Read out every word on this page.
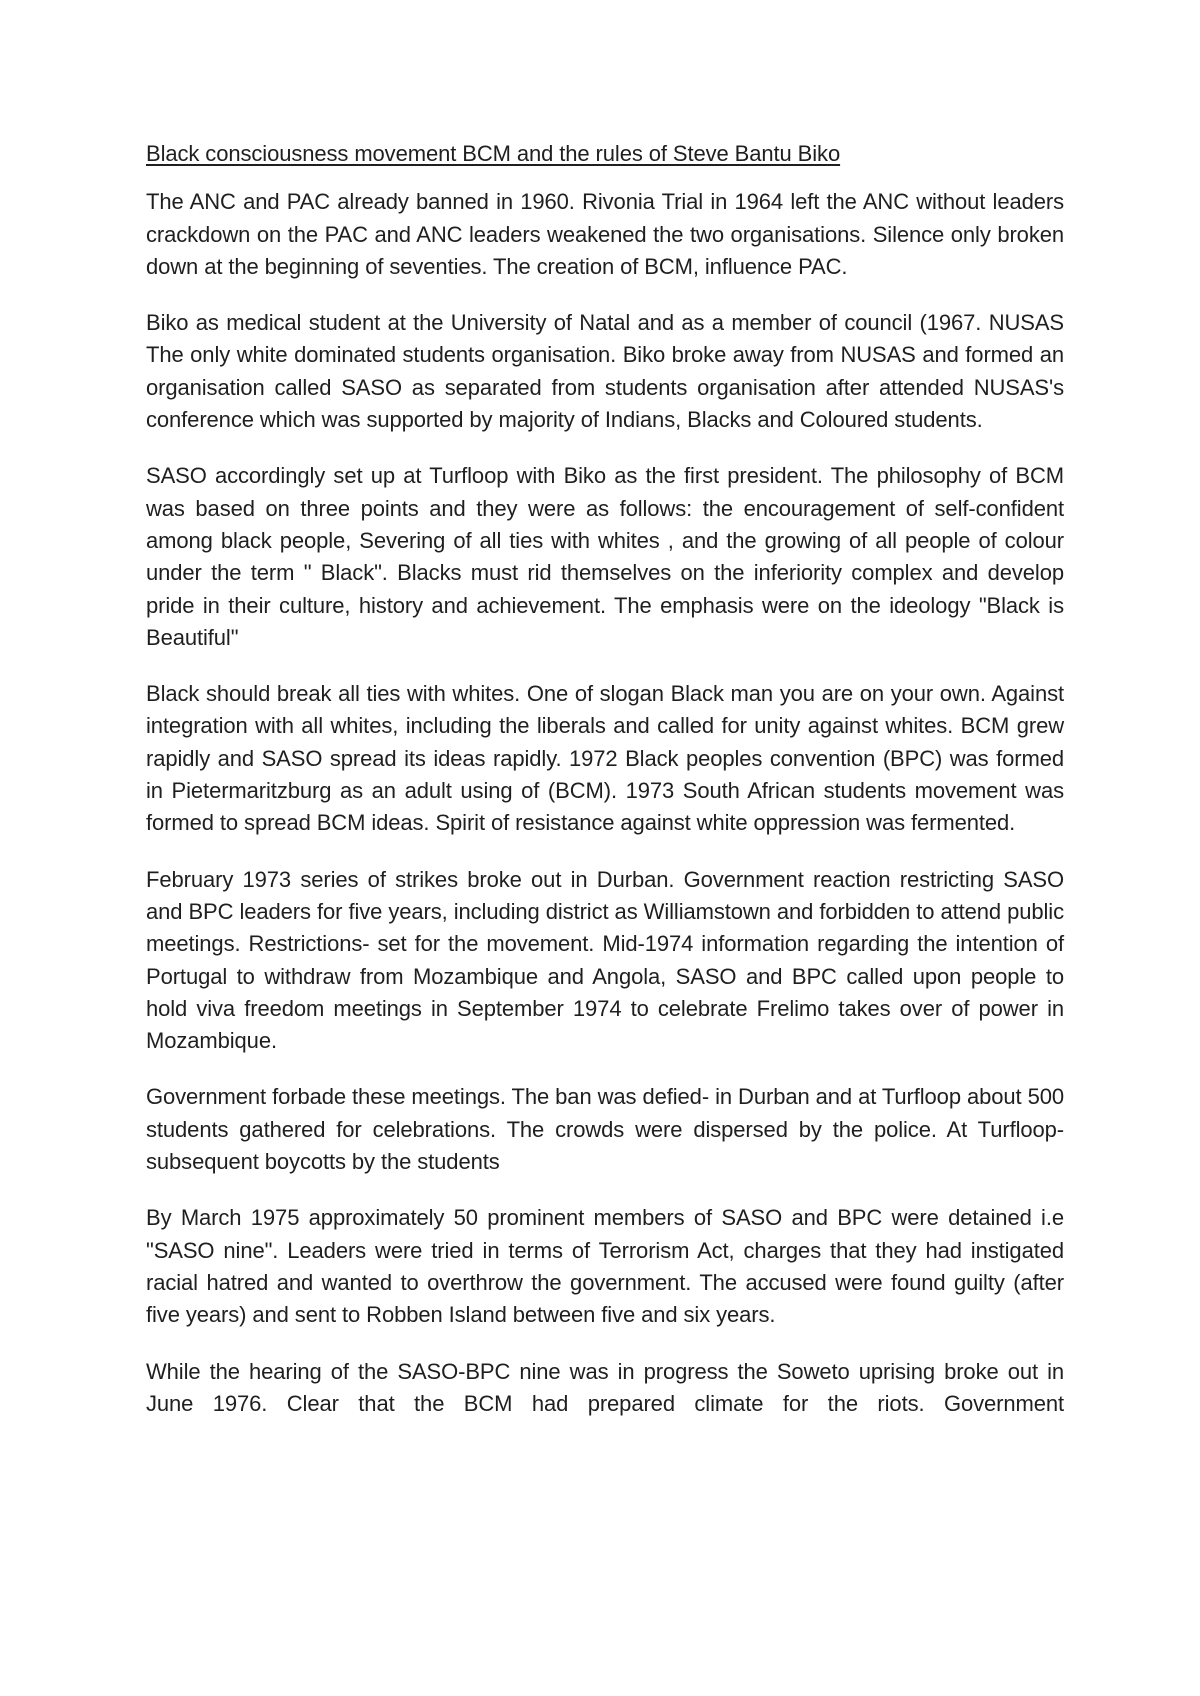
Black consciousness movement BCM and the rules of Steve Bantu Biko

The ANC and PAC already banned in 1960. Rivonia Trial in 1964 left the ANC without leaders crackdown on the PAC and ANC leaders weakened the two organisations. Silence only broken down at the beginning of seventies. The creation of BCM, influence PAC.

Biko as medical student at the University of Natal and as a member of council (1967. NUSAS The only white dominated students organisation. Biko broke away from NUSAS and formed an organisation called SASO as separated from students organisation after attended NUSAS's conference which was supported by majority of Indians, Blacks and Coloured students.

SASO accordingly set up at Turfloop with Biko as the first president. The philosophy of BCM was based on three points and they were as follows: the encouragement of self-confident among black people, Severing of all ties with whites , and the growing of all people of colour under the term " Black". Blacks must rid themselves on the inferiority complex and develop pride in their culture, history and achievement. The emphasis were on the ideology "Black is Beautiful"

Black should break all ties with whites. One of slogan Black man you are on your own. Against integration with all whites, including the liberals and called for unity against whites. BCM grew rapidly and SASO spread its ideas rapidly. 1972 Black peoples convention (BPC) was formed in Pietermaritzburg as an adult using of (BCM). 1973 South African students movement was formed to spread BCM ideas. Spirit of resistance against white oppression was fermented.

February 1973 series of strikes broke out in Durban. Government reaction restricting SASO and BPC leaders for five years, including district as Williamstown and forbidden to attend public meetings. Restrictions- set for the movement. Mid-1974 information regarding the intention of Portugal to withdraw from Mozambique and Angola, SASO and BPC called upon people to hold viva freedom meetings in September 1974 to celebrate Frelimo takes over of power in Mozambique.

Government forbade these meetings. The ban was defied- in Durban and at Turfloop about 500 students gathered for celebrations. The crowds were dispersed by the police. At Turfloop- subsequent boycotts by the students

By March 1975 approximately 50 prominent members of SASO and BPC were detained i.e "SASO nine". Leaders were tried in terms of Terrorism Act, charges that they had instigated racial hatred and wanted to overthrow the government. The accused were found guilty (after five years) and sent to Robben Island between five and six years.

While the hearing of the SASO-BPC nine was in progress the Soweto uprising broke out in June 1976. Clear that the BCM had prepared climate for the riots. Government
